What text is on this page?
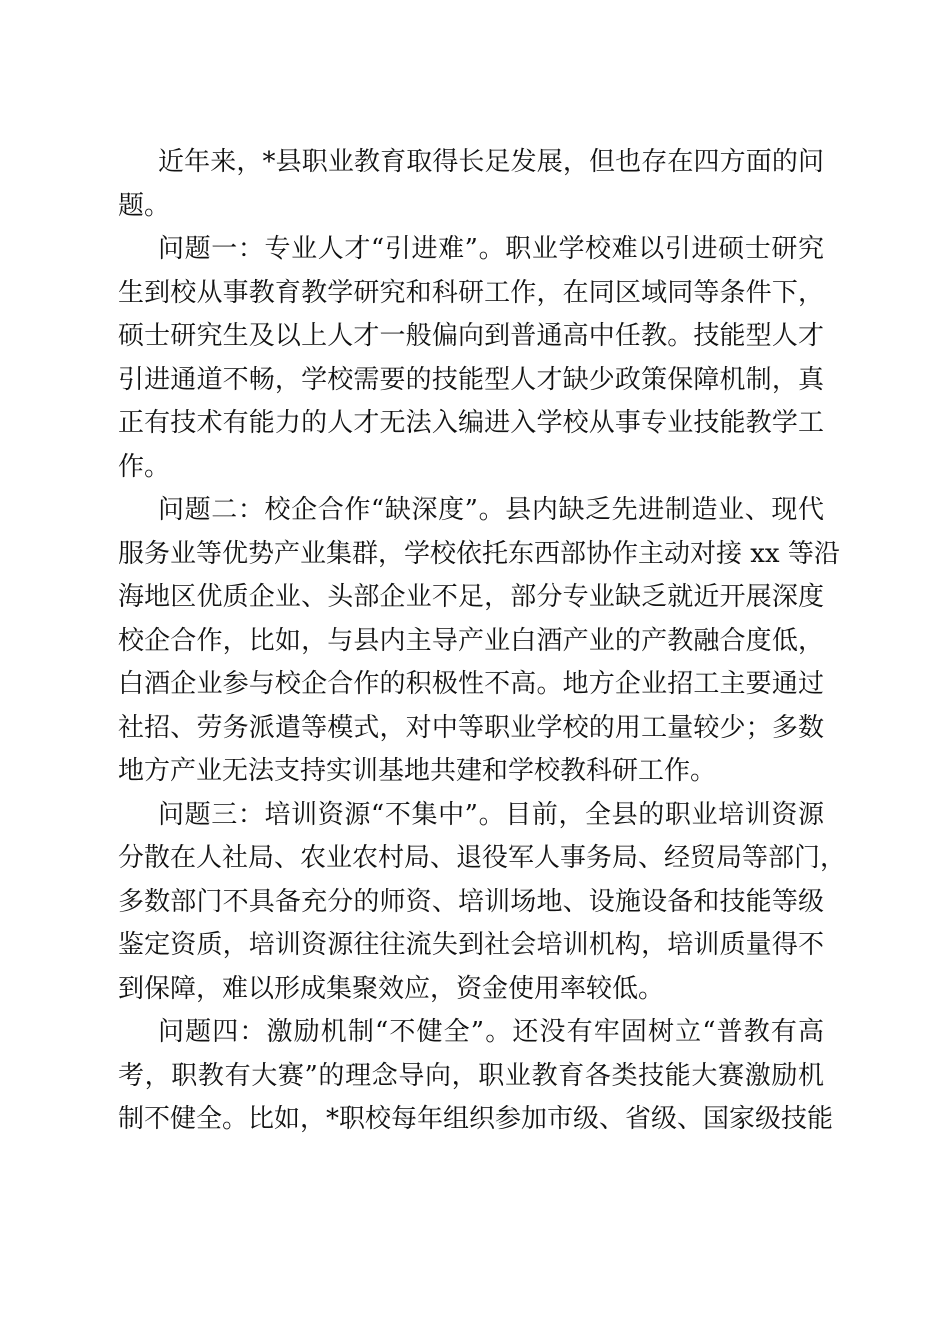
近年来，*县职业教育取得长足发展，但也存在四方面的问
题。
问题一：专业人才“引进难”。职业学校难以引进硕士研究
生到校从事教育教学研究和科研工作，在同区域同等条件下，
硕士研究生及以上人才一般偏向到普通高中任教。技能型人才
引进通道不畅，学校需要的技能型人才缺少政策保障机制，真
正有技术有能力的人才无法入编进入学校从事专业技能教学工
作。
问题二：校企合作“缺深度”。县内缺乏先进制造业、现代
服务业等优势产业集群，学校依托东西部协作主动对接 xx 等沿
海地区优质企业、头部企业不足，部分专业缺乏就近开展深度
校企合作，比如，与县内主导产业白酒产业的产教融合度低，
白酒企业参与校企合作的积极性不高。地方企业招工主要通过
社招、劳务派遣等模式，对中等职业学校的用工量较少；多数
地方产业无法支持实训基地共建和学校教科研工作。
问题三：培训资源“不集中”。目前，全县的职业培训资源
分散在人社局、农业农村局、退役军人事务局、经贸局等部门，
多数部门不具备充分的师资、培训场地、设施设备和技能等级
鉴定资质，培训资源往往流失到社会培训机构，培训质量得不
到保障，难以形成集聚效应，资金使用率较低。
问题四：激励机制“不健全”。还没有牢固树立“普教有高
考，职教有大赛”的理念导向，职业教育各类技能大赛激励机
制不健全。比如，*职校每年组织参加市级、省级、国家级技能
